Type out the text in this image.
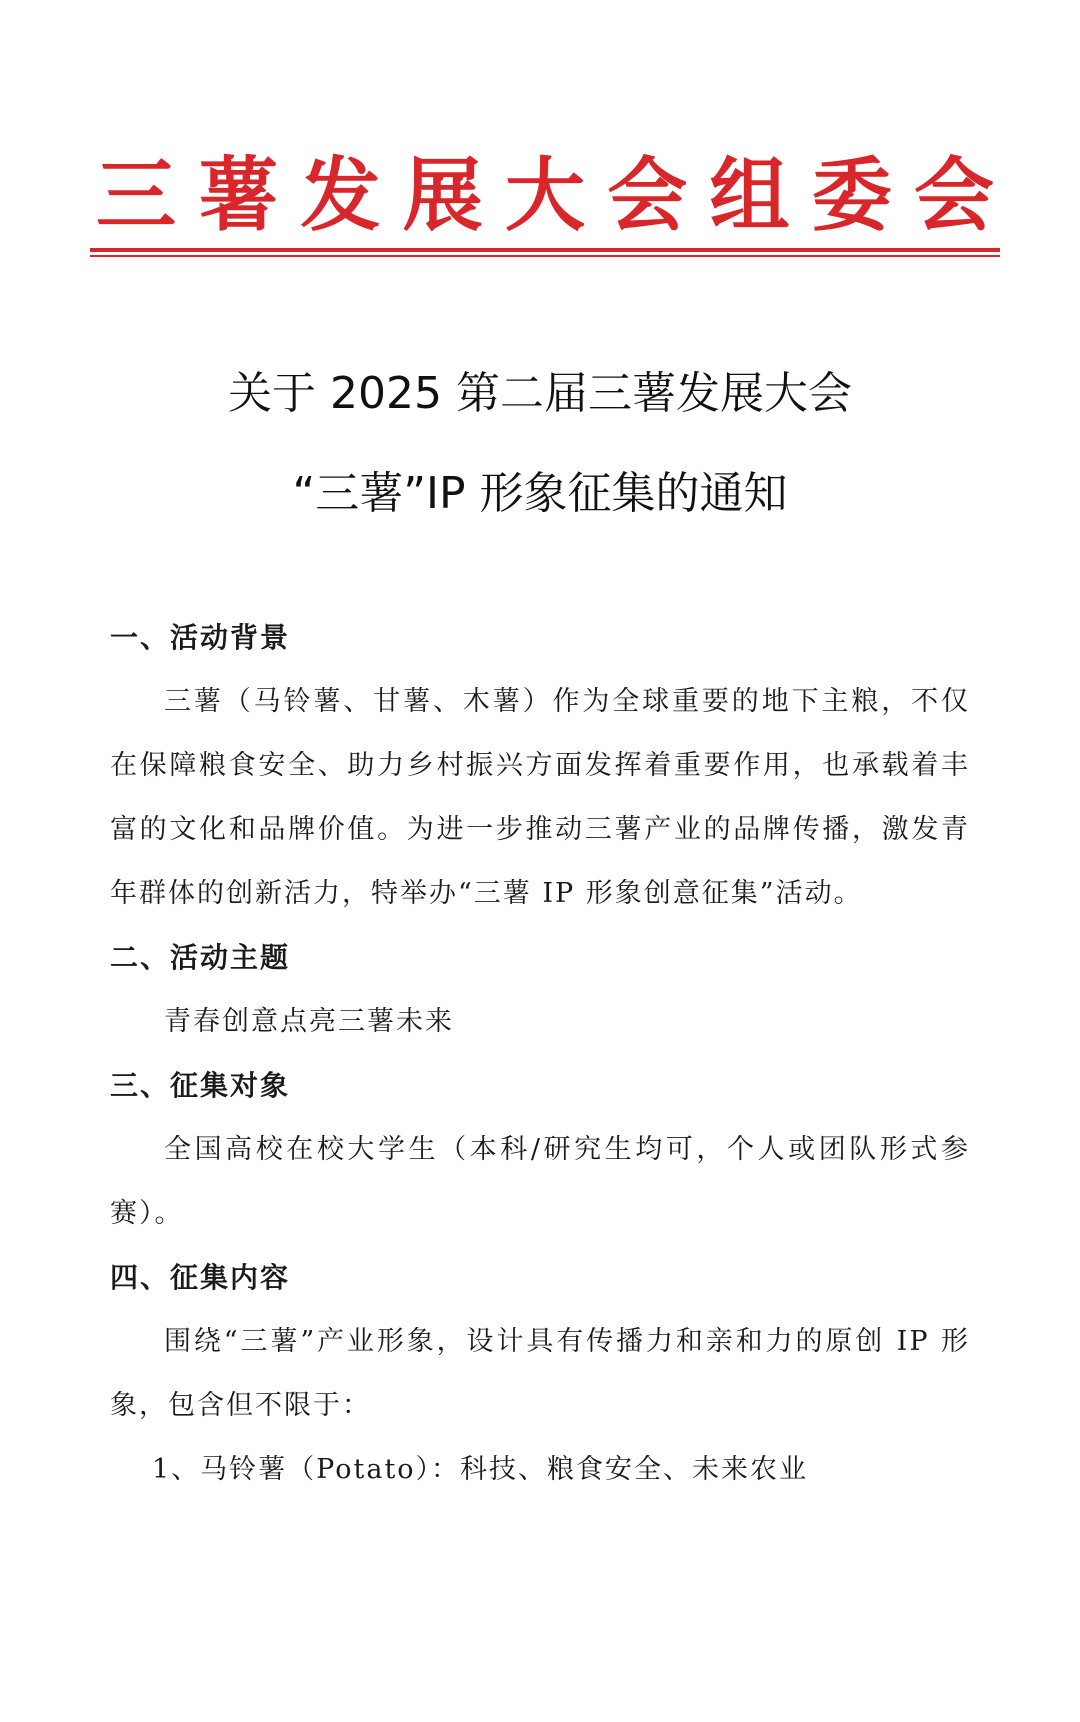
三 薯 发 展 大 会 组 委 会
关于 2025 第二届三薯发展大会
“三薯”IP 形象征集的通知

一、活动背景

三薯（马铃薯、甘薯、木薯）作为全球重要的地下主粮，不仅在保障粮食安全、助力乡村振兴方面发挥着重要作用，也承载着丰富的文化和品牌价值。为进一步推动三薯产业的品牌传播，激发青年群体的创新活力，特举办“三薯 IP 形象创意征集”活动。

二、活动主题

青春创意点亮三薯未来

三、征集对象

全国高校在校大学生（本科/研究生均可，个人或团队形式参赛）。

四、征集内容

围绕“三薯”产业形象，设计具有传播力和亲和力的原创 IP 形象，包含但不限于：

1、马铃薯（Potato）：科技、粮食安全、未来农业
